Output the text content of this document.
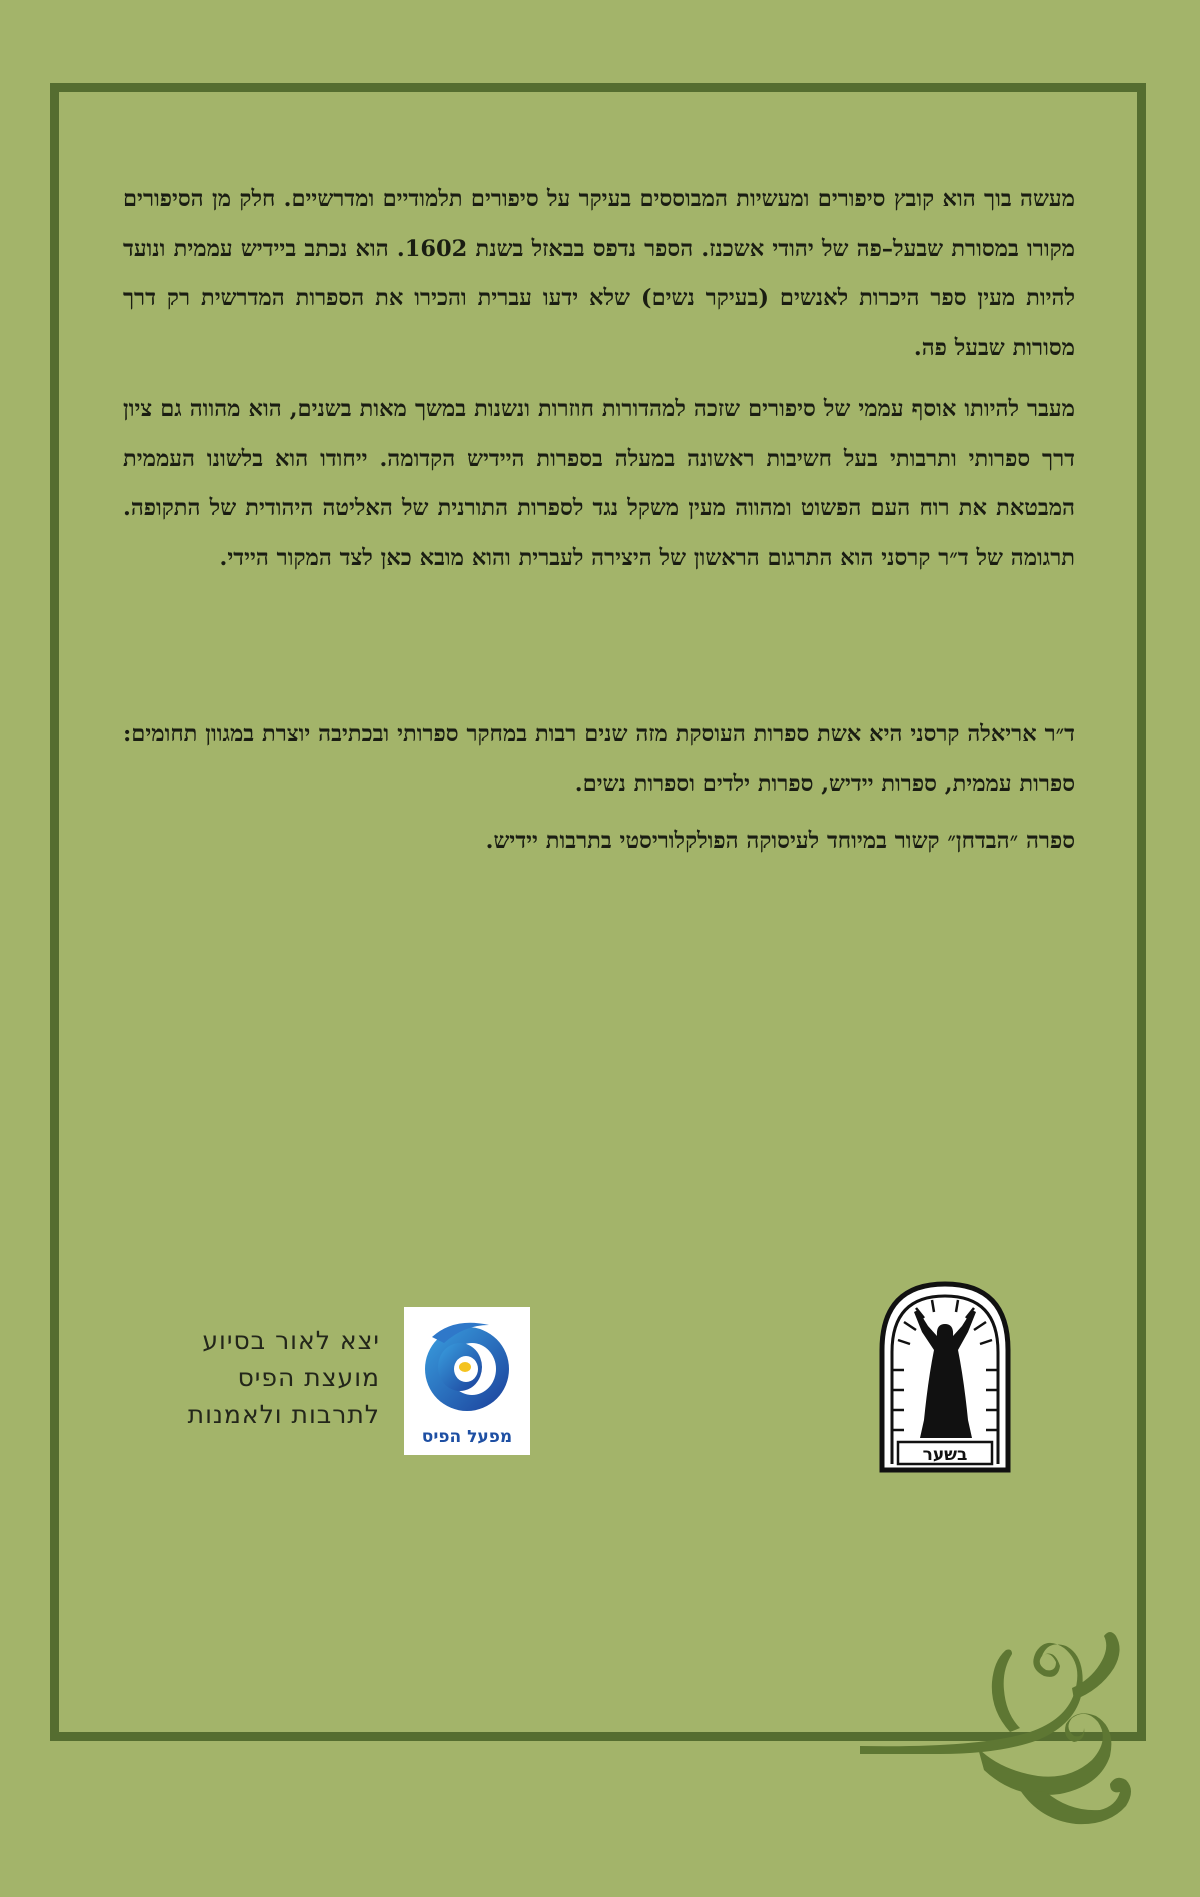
מעשה בוך הוא קובץ סיפורים ומעשיות המבוססים בעיקר על סיפורים תלמודיים ומדרשיים. חלק מן הסיפורים מקורו במסורת שבעל–פה של יהודי אשכנז. הספר נדפס בבאזל בשנת 1602. הוא נכתב ביידיש עממית ונועד להיות מעין ספר היכרות לאנשים (בעיקר נשים) שלא ידעו עברית והכירו את הספרות המדרשית רק דרך מסורות שבעל פה.

מעבר להיותו אוסף עממי של סיפורים שזכה למהדורות חוזרות ונשנות במשך מאות בשנים, הוא מהווה גם ציון דרך ספרותי ותרבותי בעל חשיבות ראשונה במעלה בספרות היידיש הקדומה. ייחודו הוא בלשונו העממית המבטאת את רוח העם הפשוט ומהווה מעין משקל נגד לספרות התורנית של האליטה היהודית של התקופה. תרגומה של ד״ר קרסני הוא התרגום הראשון של היצירה לעברית והוא מובא כאן לצד המקור היידי.

ד״ר אריאלה קרסני היא אשת ספרות העוסקת מזה שנים רבות במחקר ספרותי ובכתיבה יוצרת במגוון תחומים: ספרות עממית, ספרות יידיש, ספרות ילדים וספרות נשים.

ספרה ״הבדחן״ קשור במיוחד לעיסוקה הפולקלוריסטי בתרבות יידיש.

יצא לאור בסיוע
מועצת הפיס
לתרבות ולאמנות
מפעל הפיס
בשער
